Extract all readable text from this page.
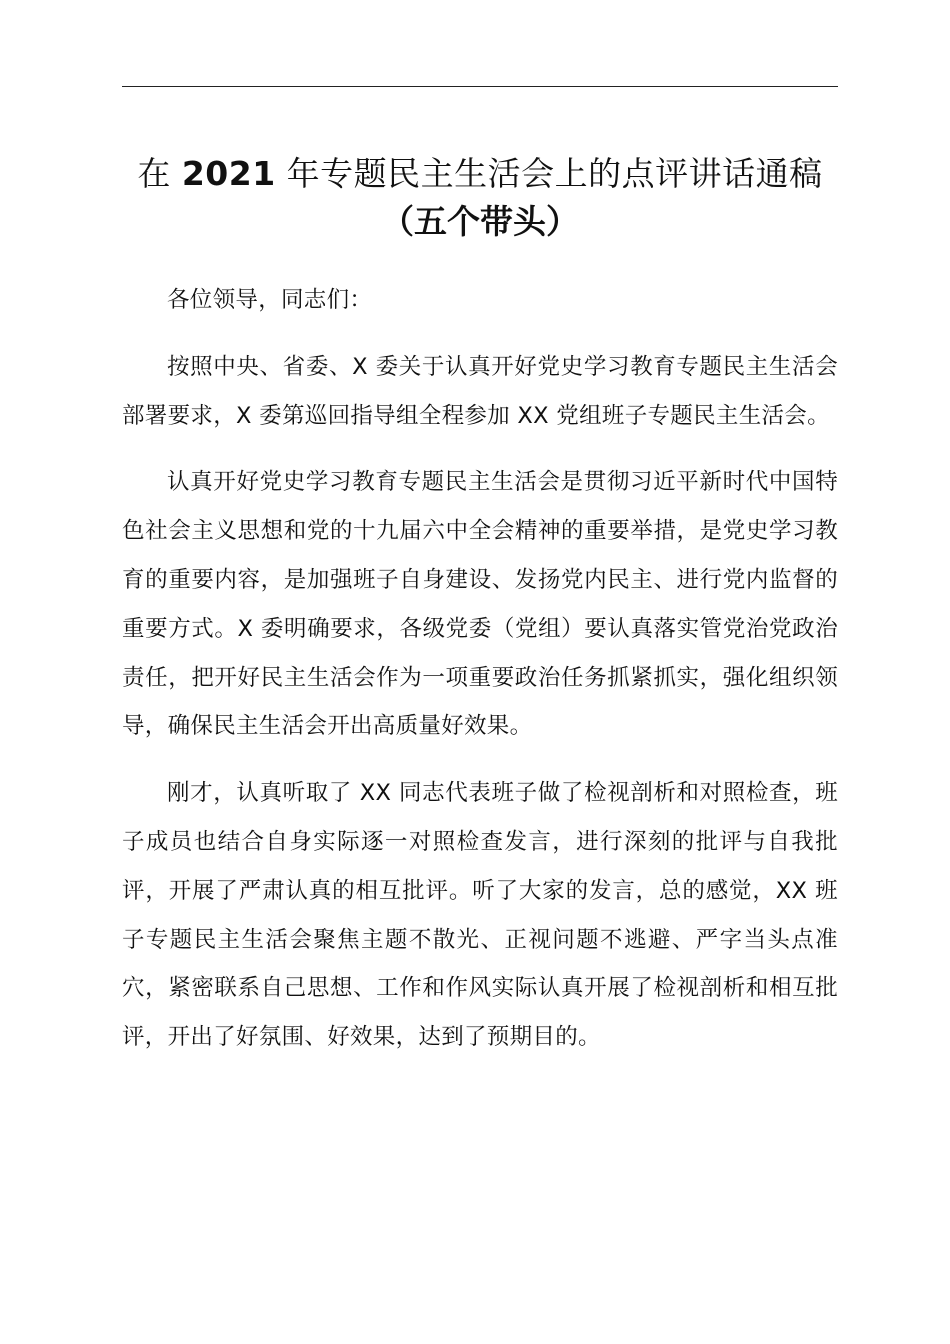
在 2021 年专题民主生活会上的点评讲话通稿
（五个带头）

各位领导，同志们：

按照中央、省委、X 委关于认真开好党史学习教育专题民主生活会部署要求，X 委第巡回指导组全程参加 XX 党组班子专题民主生活会。

认真开好党史学习教育专题民主生活会是贯彻习近平新时代中国特色社会主义思想和党的十九届六中全会精神的重要举措，是党史学习教育的重要内容，是加强班子自身建设、发扬党内民主、进行党内监督的重要方式。X 委明确要求，各级党委（党组）要认真落实管党治党政治责任，把开好民主生活会作为一项重要政治任务抓紧抓实，强化组织领导，确保民主生活会开出高质量好效果。

刚才，认真听取了 XX 同志代表班子做了检视剖析和对照检查，班子成员也结合自身实际逐一对照检查发言，进行深刻的批评与自我批评，开展了严肃认真的相互批评。听了大家的发言，总的感觉，XX 班子专题民主生活会聚焦主题不散光、正视问题不逃避、严字当头点准穴，紧密联系自己思想、工作和作风实际认真开展了检视剖析和相互批评，开出了好氛围、好效果，达到了预期目的。
